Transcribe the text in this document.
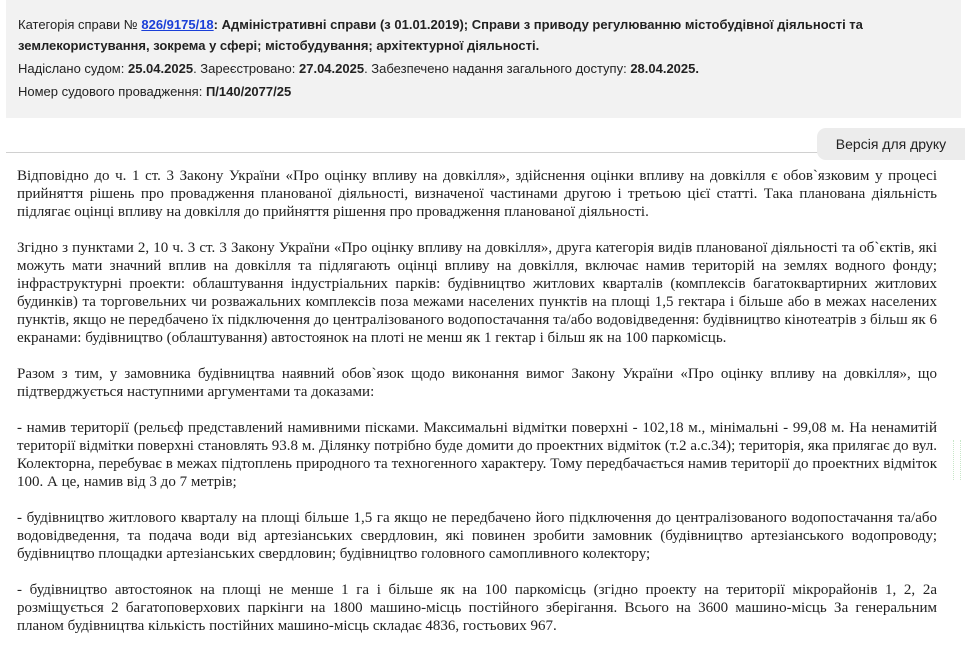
Категорія справи № 826/9175/18: Адміністративні справи (з 01.01.2019); Справи з приводу регулюванню містобудівної діяльності та
землекористування, зокрема у сфері; містобудування; архітектурної діяльності.
Надіслано судом: 25.04.2025. Зареєстровано: 27.04.2025. Забезпечено надання загального доступу: 28.04.2025.
Номер судового провадження: П/140/2077/25
Версія для друку

Відповідно до ч. 1 ст. 3 Закону України «Про оцінку впливу на довкілля», здійснення оцінки впливу на довкілля є обов`язковим у процесі прийняття рішень про провадження планованої діяльності, визначеної частинами другою і третьою цієї статті. Така планована діяльність підлягає оцінці впливу на довкілля до прийняття рішення про провадження планованої діяльності.

Згідно з пунктами 2, 10 ч. 3 ст. 3 Закону України «Про оцінку впливу на довкілля», друга категорія видів планованої діяльності та об`єктів, які можуть мати значний вплив на довкілля та підлягають оцінці впливу на довкілля, включає намив територій на землях водного фонду; інфраструктурні проекти: облаштування індустріальних парків: будівництво житлових кварталів (комплексів багатоквартирних житлових будинків) та торговельних чи розважальних комплексів поза межами населених пунктів на площі 1,5 гектара і більше або в межах населених пунктів, якщо не передбачено їх підключення до централізованого водопостачання та/або водовідведення: будівництво кінотеатрів з більш як 6 екранами: будівництво (облаштування) автостоянок на плоті не менш як 1 гектар і більш як на 100 паркомісць.

Разом з тим, у замовника будівництва наявний обов`язок щодо виконання вимог Закону України «Про оцінку впливу на довкілля», що підтверджується наступними аргументами та доказами:

- намив території (рельєф представлений намивними пісками. Максимальні відмітки поверхні - 102,18 м., мінімальні - 99,08 м. На ненамитій території відмітки поверхні становлять 93.8 м. Ділянку потрібно буде домити до проектних відміток (т.2 а.с.34); територія, яка прилягає до вул. Колекторна, перебуває в межах підтоплень природного та техногенного характеру. Тому передбачається намив території до проектних відміток 100. А це, намив від 3 до 7 метрів;

- будівництво житлового кварталу на площі більше 1,5 га якщо не передбачено його підключення до централізованого водопостачання та/або водовідведення, та подача води від артезіанських свердловин, які повинен зробити замовник (будівництво артезіанського водопроводу; будівництво площадки артезіанських свердловин; будівництво головного самопливного колектору;

- будівництво автостоянок на площі не менше 1 га і більше як на 100 паркомісць (згідно проекту на території мікрорайонів 1, 2, 2а розміщується 2 багатоповерхових паркінги на 1800 машино-місць постійного зберігання. Всього на 3600 машино-місць За генеральним планом будівництва кількість постійних машино-місць складає 4836, гостьових 967.
